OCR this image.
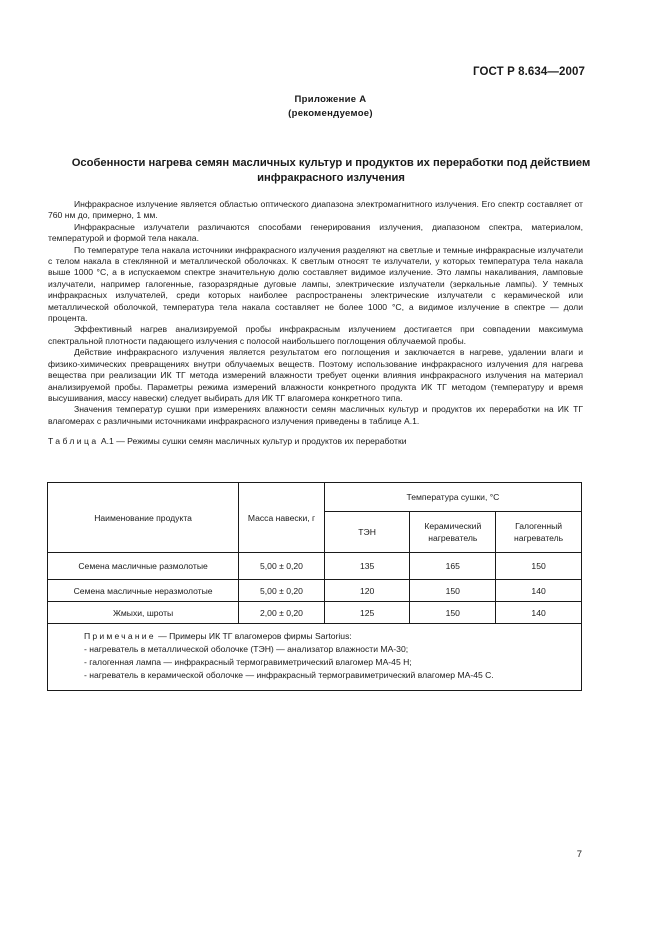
ГОСТ Р 8.634—2007
Приложение А
(рекомендуемое)
Особенности нагрева семян масличных культур и продуктов их переработки под действием
инфракрасного излучения

Инфракрасное излучение является областью оптического диапазона электромагнитного излучения. Его спектр составляет от 760 нм до, примерно, 1 мм.

Инфракрасные излучатели различаются способами генерирования излучения, диапазоном спектра, материалом, температурой и формой тела накала.

По температуре тела накала источники инфракрасного излучения разделяют на светлые и темные инфракрасные излучатели с телом накала в стеклянной и металлической оболочках. К светлым относят те излучатели, у которых температура тела накала выше 1000 °С, а в испускаемом спектре значительную долю составляет видимое излучение. Это лампы накаливания, ламповые излучатели, например галогенные, газоразрядные дуговые лампы, электрические излучатели (зеркальные лампы). У темных инфракрасных излучателей, среди которых наиболее распространены электрические излучатели с керамической или металлической оболочкой, температура тела накала составляет не более 1000 °С, а видимое излучение в спектре — доли процента.

Эффективный нагрев анализируемой пробы инфракрасным излучением достигается при совпадении максимума спектральной плотности падающего излучения с полосой наибольшего поглощения облучаемой пробы.

Действие инфракрасного излучения является результатом его поглощения и заключается в нагреве, удалении влаги и физико-химических превращениях внутри облучаемых веществ. Поэтому использование инфракрасного излучения для нагрева вещества при реализации ИК ТГ метода измерений влажности требует оценки влияния инфракрасного излучения на материал анализируемой пробы. Параметры режима измерений влажности конкретного продукта ИК ТГ методом (температуру и время высушивания, массу навески) следует выбирать для ИК ТГ влагомера конкретного типа.

Значения температур сушки при измерениях влажности семян масличных культур и продуктов их переработки на ИК ТГ влагомерах с различными источниками инфракрасного излучения приведены в таблице А.1.

Таблица А.1 — Режимы сушки семян масличных культур и продуктов их переработки
Наименование продукта	Масса навески, г	Температура сушки, °С		
		ТЭН	Керамический
нагреватель	Галогенный
нагреватель
Семена масличные размолотые	5,00 ± 0,20	135	165	150
Семена масличные неразмолотые	5,00 ± 0,20	120	150	140
Жмыхи, шроты	2,00 ± 0,20	125	150	140

Примечание — Примеры ИК ТГ влагомеров фирмы Sartorius:
- нагреватель в металлической оболочке (ТЭН) — анализатор влажности МА-30;
- галогенная лампа — инфракрасный термогравиметрический влагомер МА-45 Н;
- нагреватель в керамической оболочке — инфракрасный термогравиметрический влагомер МА-45 С.				
7
